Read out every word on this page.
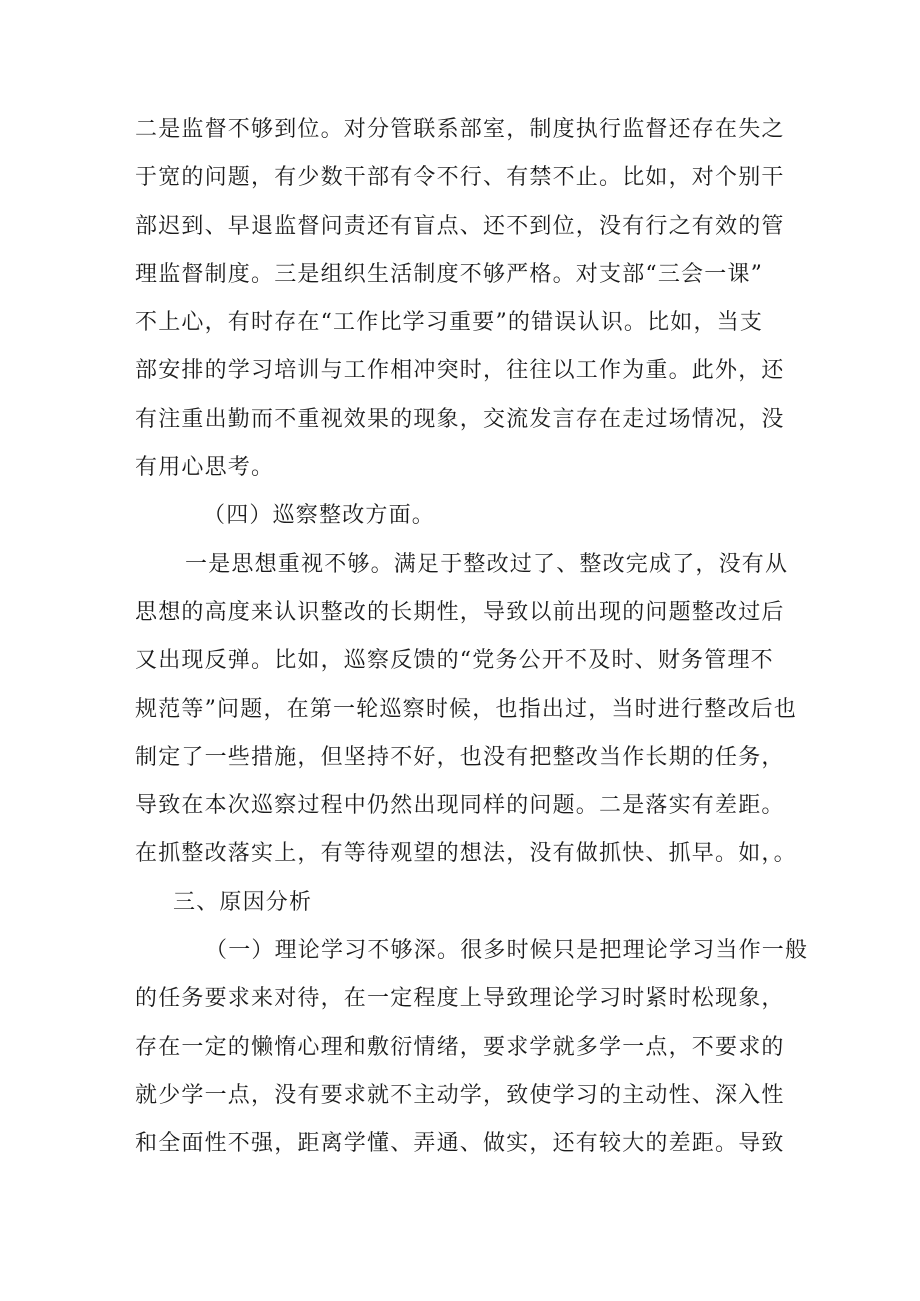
二是监督不够到位。对分管联系部室，制度执行监督还存在失之
于宽的问题，有少数干部有令不行、有禁不止。比如，对个别干
部迟到、早退监督问责还有盲点、还不到位，没有行之有效的管
理监督制度。三是组织生活制度不够严格。对支部“三会一课”
不上心，有时存在“工作比学习重要”的错误认识。比如，当支
部安排的学习培训与工作相冲突时，往往以工作为重。此外，还
有注重出勤而不重视效果的现象，交流发言存在走过场情况，没
有用心思考。
（四）巡察整改方面。
一是思想重视不够。满足于整改过了、整改完成了，没有从
思想的高度来认识整改的长期性，导致以前出现的问题整改过后
又出现反弹。比如，巡察反馈的“党务公开不及时、财务管理不
规范等”问题，在第一轮巡察时候，也指出过，当时进行整改后也
制定了一些措施，但坚持不好，也没有把整改当作长期的任务，
导致在本次巡察过程中仍然出现同样的问题。二是落实有差距。
在抓整改落实上，有等待观望的想法，没有做抓快、抓早。如，。
三、原因分析
（一）理论学习不够深。很多时候只是把理论学习当作一般
的任务要求来对待，在一定程度上导致理论学习时紧时松现象，
存在一定的懒惰心理和敷衍情绪，要求学就多学一点，不要求的
就少学一点，没有要求就不主动学，致使学习的主动性、深入性
和全面性不强，距离学懂、弄通、做实，还有较大的差距。导致
